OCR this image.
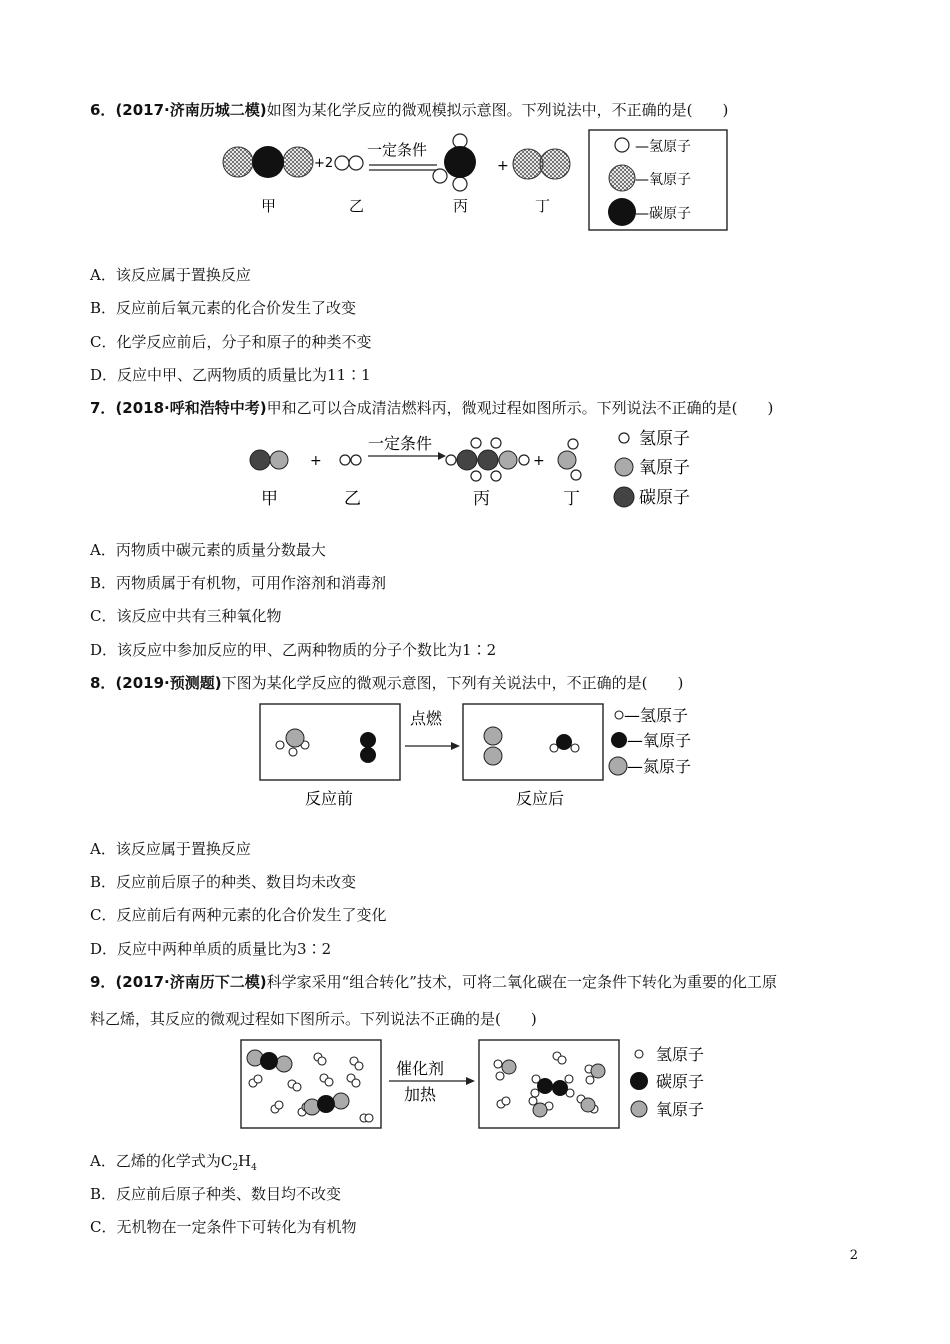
6．(2017·济南历城二模)如图为某化学反应的微观模拟示意图。下列说法中，不正确的是(　　)
+2
一定条件
+
甲	乙	丙	丁
—氢原子
—氧原子
—碳原子
A．该反应属于置换反应
B．反应前后氧元素的化合价发生了改变
C．化学反应前后，分子和原子的种类不变
D．反应中甲、乙两物质的质量比为11∶1
7．(2018·呼和浩特中考)甲和乙可以合成清洁燃料丙，微观过程如图所示。下列说法不正确的是(　　)
+
一定条件
+
甲	乙	丙	丁
氢原子
氧原子
碳原子
A．丙物质中碳元素的质量分数最大
B．丙物质属于有机物，可用作溶剂和消毒剂
C．该反应中共有三种氧化物
D．该反应中参加反应的甲、乙两种物质的分子个数比为1∶2
8．(2019·预测题)下图为某化学反应的微观示意图，下列有关说法中，不正确的是(　　)
点燃
反应前	反应后
—氢原子
—氧原子
—氮原子
A．该反应属于置换反应
B．反应前后原子的种类、数目均未改变
C．反应前后有两种元素的化合价发生了变化
D．反应中两种单质的质量比为3∶2
9．(2017·济南历下二模)科学家采用“组合转化”技术，可将二氧化碳在一定条件下转化为重要的化工原
料乙烯，其反应的微观过程如下图所示。下列说法不正确的是(　　)
催化剂
加热
氢原子
碳原子
氧原子
A．乙烯的化学式为$C_2H_4$
B．反应前后原子种类、数目均不改变
C．无机物在一定条件下可转化为有机物
2
